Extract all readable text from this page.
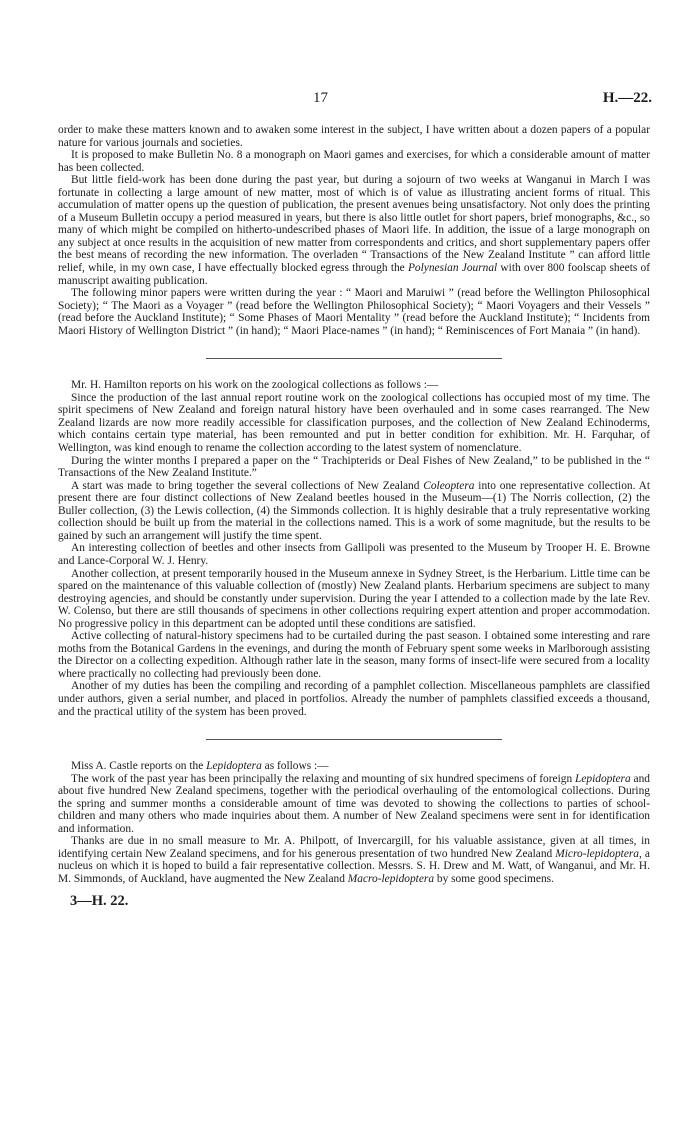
17	H.—22.

order to make these matters known and to awaken some interest in the subject, I have written about a dozen papers of a popular nature for various journals and societies.

It is proposed to make Bulletin No. 8 a monograph on Maori games and exercises, for which a considerable amount of matter has been collected.

But little field-work has been done during the past year, but during a sojourn of two weeks at Wanganui in March I was fortunate in collecting a large amount of new matter, most of which is of value as illustrating ancient forms of ritual. This accumulation of matter opens up the question of publication, the present avenues being unsatisfactory. Not only does the printing of a Museum Bulletin occupy a period measured in years, but there is also little outlet for short papers, brief monographs, &c., so many of which might be compiled on hitherto-undescribed phases of Maori life. In addition, the issue of a large monograph on any subject at once results in the acquisition of new matter from correspondents and critics, and short supplementary papers offer the best means of recording the new information. The overladen “ Transactions of the New Zealand Institute ” can afford little relief, while, in my own case, I have effectually blocked egress through the Polynesian Journal with over 800 foolscap sheets of manuscript awaiting publication.

The following minor papers were written during the year : “ Maori and Maruiwi ” (read before the Wellington Philosophical Society); “ The Maori as a Voyager ” (read before the Wellington Philosophical Society); “ Maori Voyagers and their Vessels ” (read before the Auckland Institute); “ Some Phases of Maori Mentality ” (read before the Auckland Institute); “ Incidents from Maori History of Wellington District ” (in hand); “ Maori Place-names ” (in hand); “ Reminiscences of Fort Manaia ” (in hand).

Mr. H. Hamilton reports on his work on the zoological collections as follows :—

Since the production of the last annual report routine work on the zoological collections has occupied most of my time. The spirit specimens of New Zealand and foreign natural history have been overhauled and in some cases rearranged. The New Zealand lizards are now more readily accessible for classification purposes, and the collection of New Zealand Echinoderms, which contains certain type material, has been remounted and put in better condition for exhibition. Mr. H. Farquhar, of Wellington, was kind enough to rename the collection according to the latest system of nomenclature.

During the winter months I prepared a paper on the “ Trachipterids or Deal Fishes of New Zealand,” to be published in the “ Transactions of the New Zealand Institute.”

A start was made to bring together the several collections of New Zealand Coleoptera into one representative collection. At present there are four distinct collections of New Zealand beetles housed in the Museum—(1) The Norris collection, (2) the Buller collection, (3) the Lewis collection, (4) the Simmonds collection. It is highly desirable that a truly representative working collection should be built up from the material in the collections named. This is a work of some magnitude, but the results to be gained by such an arrangement will justify the time spent.

An interesting collection of beetles and other insects from Gallipoli was presented to the Museum by Trooper H. E. Browne and Lance-Corporal W. J. Henry.

Another collection, at present temporarily housed in the Museum annexe in Sydney Street, is the Herbarium. Little time can be spared on the maintenance of this valuable collection of (mostly) New Zealand plants. Herbarium specimens are subject to many destroying agencies, and should be constantly under supervision. During the year I attended to a collection made by the late Rev. W. Colenso, but there are still thousands of specimens in other collections requiring expert attention and proper accommodation. No progressive policy in this department can be adopted until these conditions are satisfied.

Active collecting of natural-history specimens had to be curtailed during the past season. I obtained some interesting and rare moths from the Botanical Gardens in the evenings, and during the month of February spent some weeks in Marlborough assisting the Director on a collecting expedition. Although rather late in the season, many forms of insect-life were secured from a locality where practically no collecting had previously been done.

Another of my duties has been the compiling and recording of a pamphlet collection. Miscellaneous pamphlets are classified under authors, given a serial number, and placed in portfolios. Already the number of pamphlets classified exceeds a thousand, and the practical utility of the system has been proved.

Miss A. Castle reports on the Lepidoptera as follows :—

The work of the past year has been principally the relaxing and mounting of six hundred specimens of foreign Lepidoptera and about five hundred New Zealand specimens, together with the periodical overhauling of the entomological collections. During the spring and summer months a considerable amount of time was devoted to showing the collections to parties of school-children and many others who made inquiries about them. A number of New Zealand specimens were sent in for identification and information.

Thanks are due in no small measure to Mr. A. Philpott, of Invercargill, for his valuable assistance, given at all times, in identifying certain New Zealand specimens, and for his generous presentation of two hundred New Zealand Micro-lepidoptera, a nucleus on which it is hoped to build a fair representative collection. Messrs. S. H. Drew and M. Watt, of Wanganui, and Mr. H. M. Simmonds, of Auckland, have augmented the New Zealand Macro-lepidoptera by some good specimens.

3—H. 22.
